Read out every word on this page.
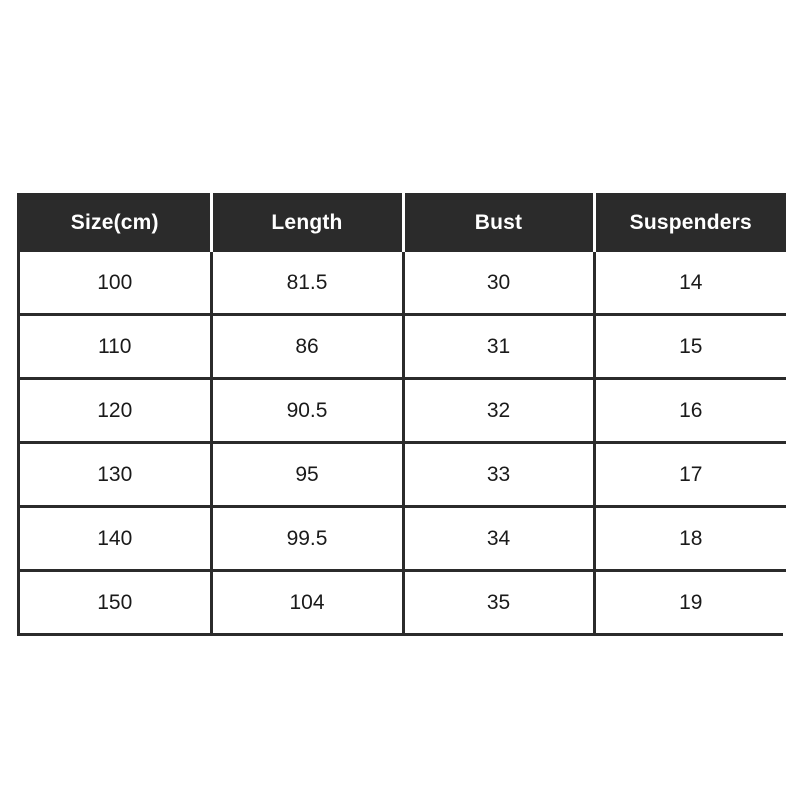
Size(cm)	Length	Bust	Suspenders
100	81.5	30	14
110	86	31	15
120	90.5	32	16
130	95	33	17
140	99.5	34	18
150	104	35	19
